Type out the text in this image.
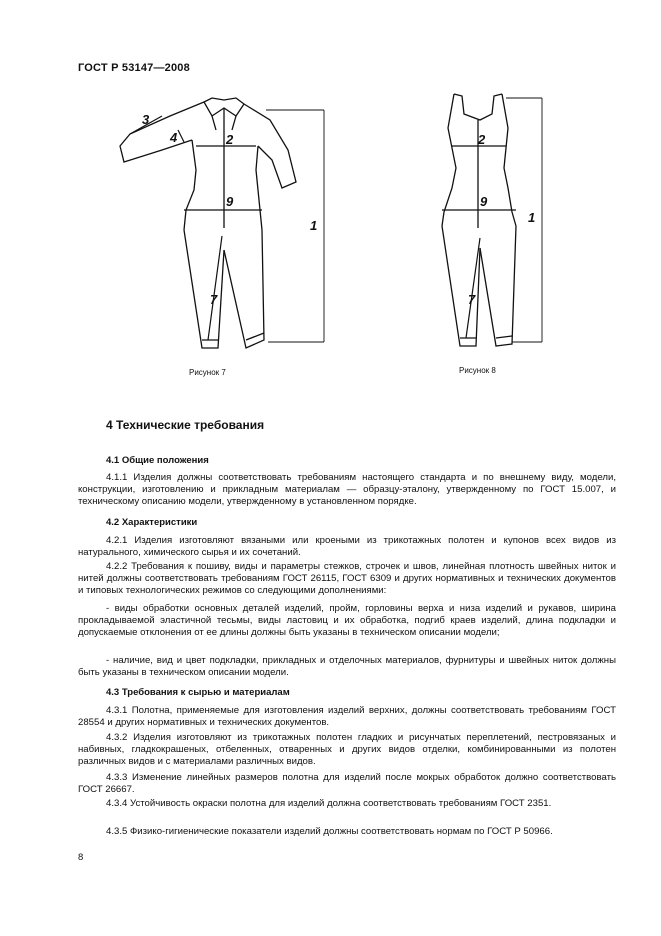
ГОСТ Р 53147—2008
3
4	2
9
1
7
Рисунок 7
2
9
1
7
Рисунок 8
4 Технические требования
4.1 Общие положения
4.1.1 Изделия должны соответствовать требованиям настоящего стандарта и по внешнему виду, модели, конструкции, изготовлению и прикладным материалам — образцу-эталону, утвержденному по ГОСТ 15.007, и техническому описанию модели, утвержденному в установленном порядке.
4.2 Характеристики
4.2.1 Изделия изготовляют вязаными или кроеными из трикотажных полотен и купонов всех видов из натурального, химического сырья и их сочетаний.
4.2.2 Требования к пошиву, виды и параметры стежков, строчек и швов, линейная плотность швейных ниток и нитей должны соответствовать требованиям ГОСТ 26115, ГОСТ 6309 и других нормативных и технических документов и типовых технологических режимов со следующими дополнениями:
- виды обработки основных деталей изделий, пройм, горловины верха и низа изделий и рукавов, ширина прокладываемой эластичной тесьмы, виды ластовиц и их обработка, подгиб краев изделий, длина подкладки и допускаемые отклонения от ее длины должны быть указаны в техническом описании модели;
- наличие, вид и цвет подкладки, прикладных и отделочных материалов, фурнитуры и швейных ниток должны быть указаны в техническом описании модели.
4.3 Требования к сырью и материалам
4.3.1 Полотна, применяемые для изготовления изделий верхних, должны соответствовать требованиям ГОСТ 28554 и других нормативных и технических документов.
4.3.2 Изделия изготовляют из трикотажных полотен гладких и рисунчатых переплетений, пестровязаных и набивных, гладкокрашеных, отбеленных, отваренных и других видов отделки, комбинированными из полотен различных видов и с материалами различных видов.
4.3.3 Изменение линейных размеров полотна для изделий после мокрых обработок должно соответствовать ГОСТ 26667.
4.3.4 Устойчивость окраски полотна для изделий должна соответствовать требованиям ГОСТ 2351.
4.3.5 Физико-гигиенические показатели изделий должны соответствовать нормам по ГОСТ Р 50966.
8
